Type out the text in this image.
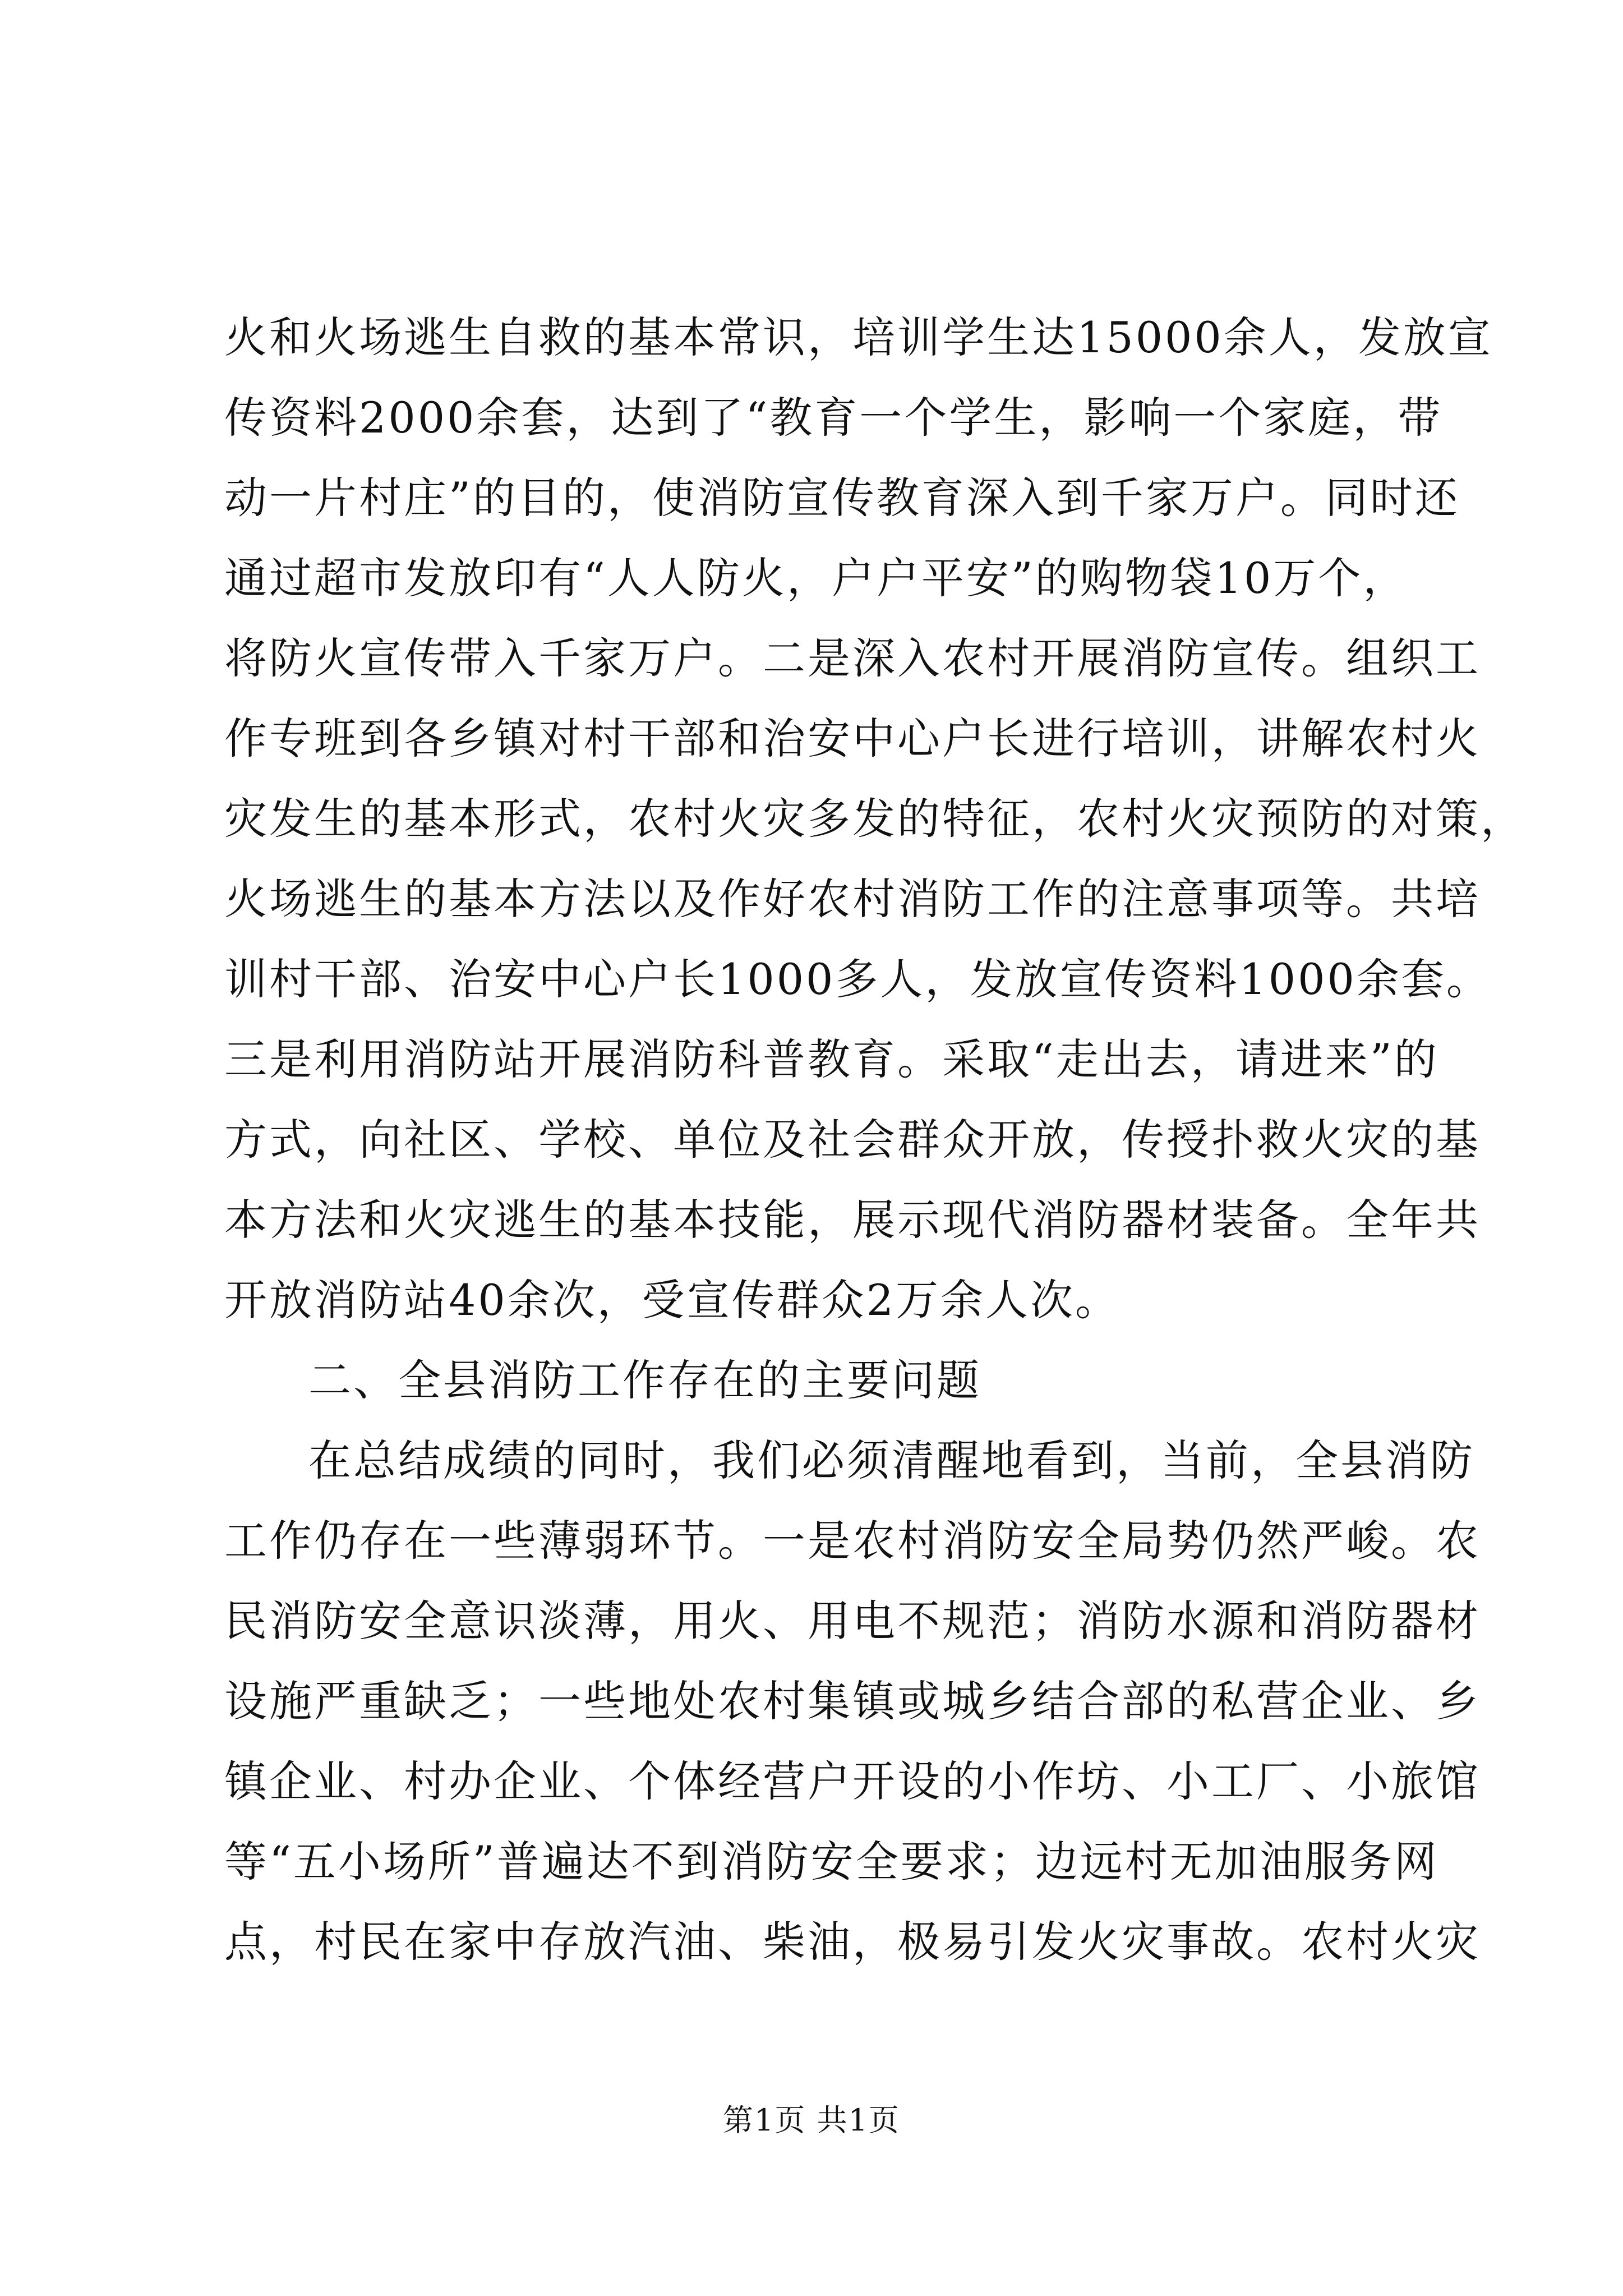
火和火场逃生自救的基本常识，培训学生达15000余人，发放宣
传资料2000余套，达到了“教育一个学生，影响一个家庭，带
动一片村庄”的目的，使消防宣传教育深入到千家万户。同时还
通过超市发放印有“人人防火，户户平安”的购物袋10万个，
将防火宣传带入千家万户。二是深入农村开展消防宣传。组织工
作专班到各乡镇对村干部和治安中心户长进行培训，讲解农村火
灾发生的基本形式，农村火灾多发的特征，农村火灾预防的对策，
火场逃生的基本方法以及作好农村消防工作的注意事项等。共培
训村干部、治安中心户长1000多人，发放宣传资料1000余套。
三是利用消防站开展消防科普教育。采取“走出去，请进来”的
方式，向社区、学校、单位及社会群众开放，传授扑救火灾的基
本方法和火灾逃生的基本技能，展示现代消防器材装备。全年共
开放消防站40余次，受宣传群众2万余人次。
二、全县消防工作存在的主要问题
在总结成绩的同时，我们必须清醒地看到，当前，全县消防
工作仍存在一些薄弱环节。一是农村消防安全局势仍然严峻。农
民消防安全意识淡薄，用火、用电不规范；消防水源和消防器材
设施严重缺乏；一些地处农村集镇或城乡结合部的私营企业、乡
镇企业、村办企业、个体经营户开设的小作坊、小工厂、小旅馆
等“五小场所”普遍达不到消防安全要求；边远村无加油服务网
点，村民在家中存放汽油、柴油，极易引发火灾事故。农村火灾
第1页 共1页
